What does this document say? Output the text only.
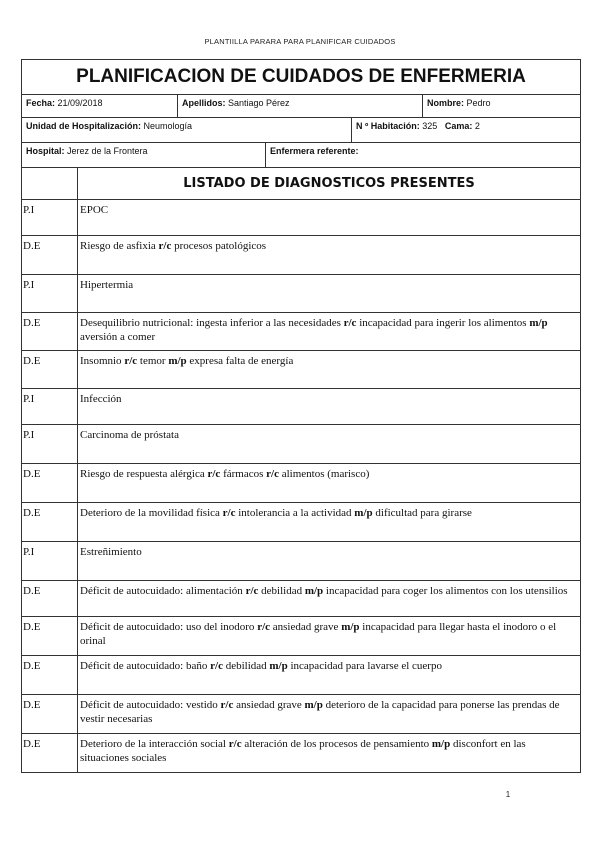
PLANTIILLA PARARA PARA PLANIFICAR CUIDADOS
PLANIFICACION DE CUIDADOS DE ENFERMERIA
Fecha: 21/09/2018	Apellidos: Santiago Pérez	Nombre: Pedro
Unidad de Hospitalización: Neumología	N º Habitación: 325 Cama: 2
Hospital: Jerez de la Frontera	Enfermera referente:
LISTADO DE DIAGNOSTICOS PRESENTES
P.I	EPOC
D.E	Riesgo de asfixia r/c procesos patológicos
P.I	Hipertermia
D.E	Desequilibrio nutricional: ingesta inferior a las necesidades r/c incapacidad para ingerir los alimentos m/p aversión a comer
D.E	Insomnio r/c temor m/p expresa falta de energía
P.I	Infección
P.I	Carcinoma de próstata
D.E	Riesgo de respuesta alérgica r/c fármacos r/c alimentos (marisco)
D.E	Deterioro de la movilidad física r/c intolerancia a la actividad m/p dificultad para girarse
P.I	Estreñimiento
D.E	Déficit de autocuidado: alimentación r/c debilidad m/p incapacidad para coger los alimentos con los utensilios
D.E	Déficit de autocuidado: uso del inodoro r/c ansiedad grave m/p incapacidad para llegar hasta el inodoro o el orinal
D.E	Déficit de autocuidado: baño r/c debilidad m/p incapacidad para lavarse el cuerpo
D.E	Déficit de autocuidado: vestido r/c ansiedad grave m/p deterioro de la capacidad para ponerse las prendas de vestir necesarias
D.E	Deterioro de la interacción social r/c alteración de los procesos de pensamiento m/p disconfort en las situaciones sociales
1
